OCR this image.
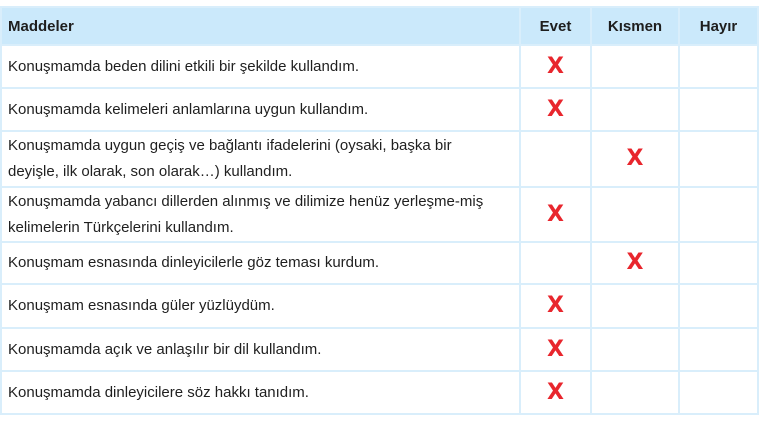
Maddeler	Evet	Kısmen	Hayır
Konuşmamda beden dilini etkili bir şekilde kullandım.	X		
Konuşmamda kelimeleri anlamlarına uygun kullandım.	X		
Konuşmamda uygun geçiş ve bağlantı ifadelerini (oysaki, başka bir deyişle, ilk olarak, son olarak…) kullandım.		X	
Konuşmamda yabancı dillerden alınmış ve dilimize henüz yerleşme-miş kelimelerin Türkçelerini kullandım.	X		
Konuşmam esnasında dinleyicilerle göz teması kurdum.		X	
Konuşmam esnasında güler yüzlüydüm.	X		
Konuşmamda açık ve anlaşılır bir dil kullandım.	X		
Konuşmamda dinleyicilere söz hakkı tanıdım.	X		
